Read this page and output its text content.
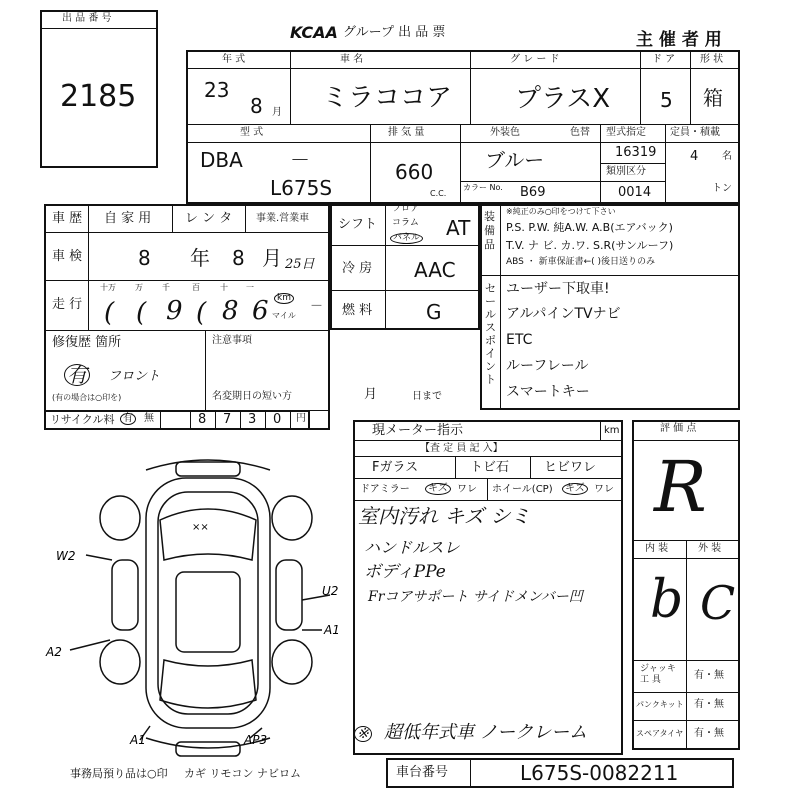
出 品 番 号
2185
KCAA グループ 出 品 票	主 催 者 用
年 式
23
8 月
車 名
ミラココア
グ レ ー ド
プラスX
ド ア
5
形 状
箱
型 式
DBA －
L675S
排 気 量
660
C.C.
外装色	色替
ブルー
カラー No. B69
型式指定
16319
類別区分
0014
定員・積載
4 名
トン
車 歴 自 家 用	レ ン タ 事業.営業車
車 検	8 年 8 月 25日
走 行
十万 万 千	百	十 一
( ( 9 ( 8 6 km
マイル
－
修復歴 箇所
有 フロント
(有の場合は○印を)
注意事項
名変期日の短い方	月	日まで
リサイクル料 有	無	8 7 3 0 円
シフト
フロア
コラム
パネル AT
冷 房 AAC
燃 料	G
装 備 品
※純正のみ○印をつけて下さい
P.S. P.W. 純A.W. A.B(エアバック)
T.V. ナ ビ. カ.ワ. S.R(サンルーフ)
ABS ・ 新車保証書←( )後日送りのみ
セールスポイント
ユーザー下取車!
アルパインTVナビ
ETC
ルーフレール
スマートキー
現メーター指示	km
【査 定 員 記 入】
Fガラス	トビ石	ヒビワレ
ドアミラー	キズ ワレ ホイール(CP)	キズ ワレ
室内汚れ キズ シミ
ハンドルスレ
ボディPPe
Frコアサポート サイドメンバー凹
※ 超低年式車 ノークレーム
評 価 点
R
内 装	外 装
b C
ジャッキ 工 具	有・無
パンクキット 有・無
スペアタイヤ 有・無
W2
U2
A1
A2
A1	AP3
××
事務局預り品は○印 カギ リモコン ナビロム	車台番号	L675S-0082211
